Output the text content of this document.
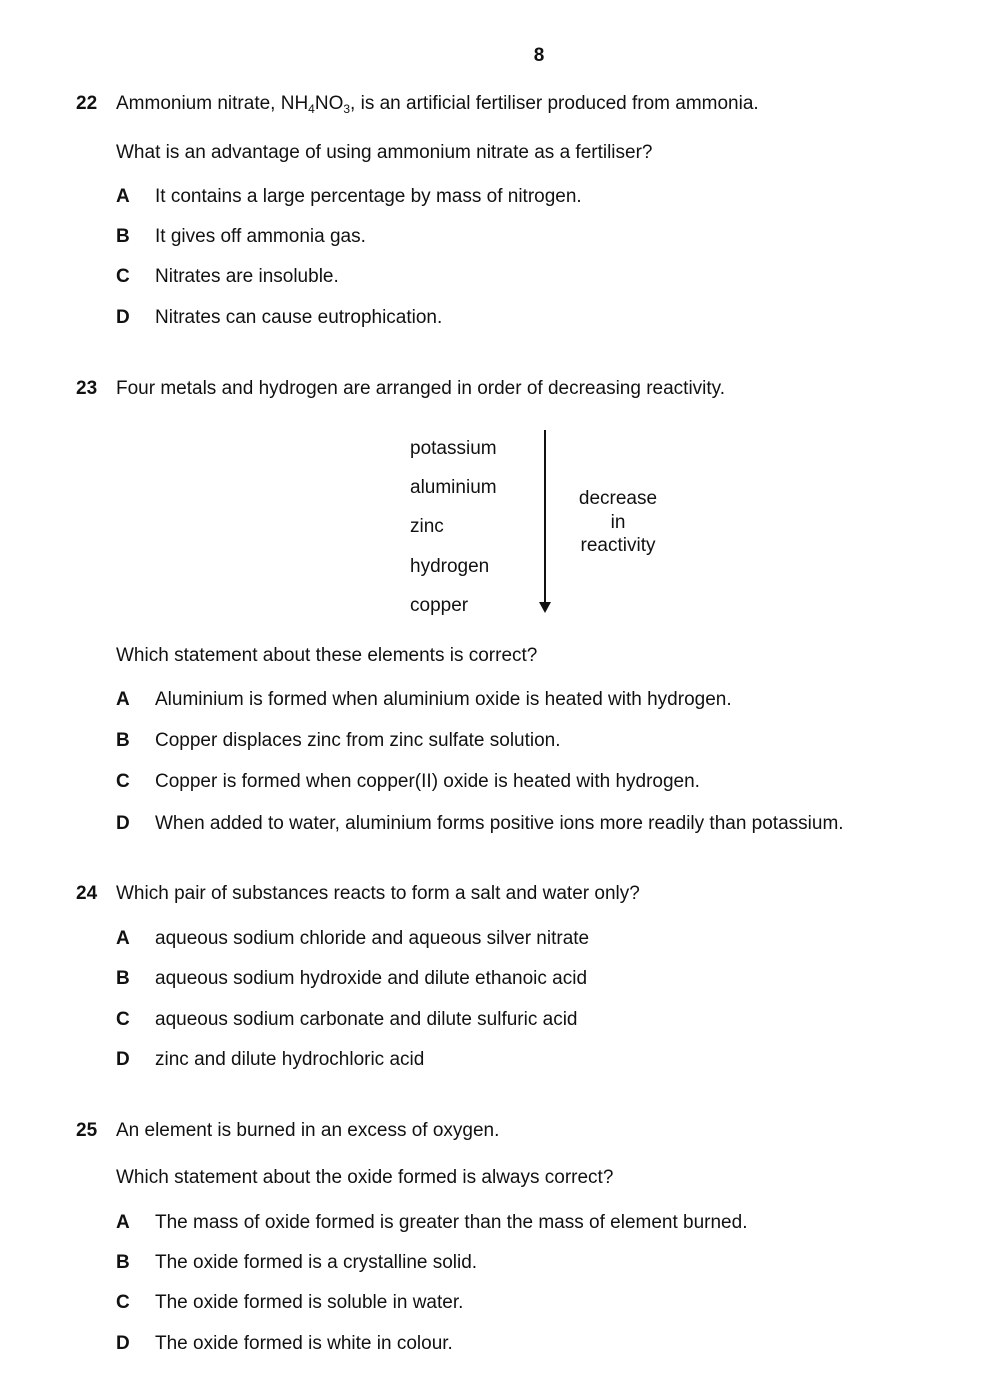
8
22 Ammonium nitrate, $NH_4NO_3$, is an artificial fertiliser produced from ammonia.
What is an advantage of using ammonium nitrate as a fertiliser?
A It contains a large percentage by mass of nitrogen.
B It gives off ammonia gas.
C Nitrates are insoluble.
D Nitrates can cause eutrophication.
23 Four metals and hydrogen are arranged in order of decreasing reactivity.
potassium
aluminium
zinc
hydrogen
copper
decrease
in
reactivity
Which statement about these elements is correct?
A Aluminium is formed when aluminium oxide is heated with hydrogen.
B Copper displaces zinc from zinc sulfate solution.
C Copper is formed when copper(II) oxide is heated with hydrogen.
D When added to water, aluminium forms positive ions more readily than potassium.
24 Which pair of substances reacts to form a salt and water only?
A aqueous sodium chloride and aqueous silver nitrate
B aqueous sodium hydroxide and dilute ethanoic acid
C aqueous sodium carbonate and dilute sulfuric acid
D zinc and dilute hydrochloric acid
25 An element is burned in an excess of oxygen.
Which statement about the oxide formed is always correct?
A The mass of oxide formed is greater than the mass of element burned.
B The oxide formed is a crystalline solid.
C The oxide formed is soluble in water.
D The oxide formed is white in colour.
